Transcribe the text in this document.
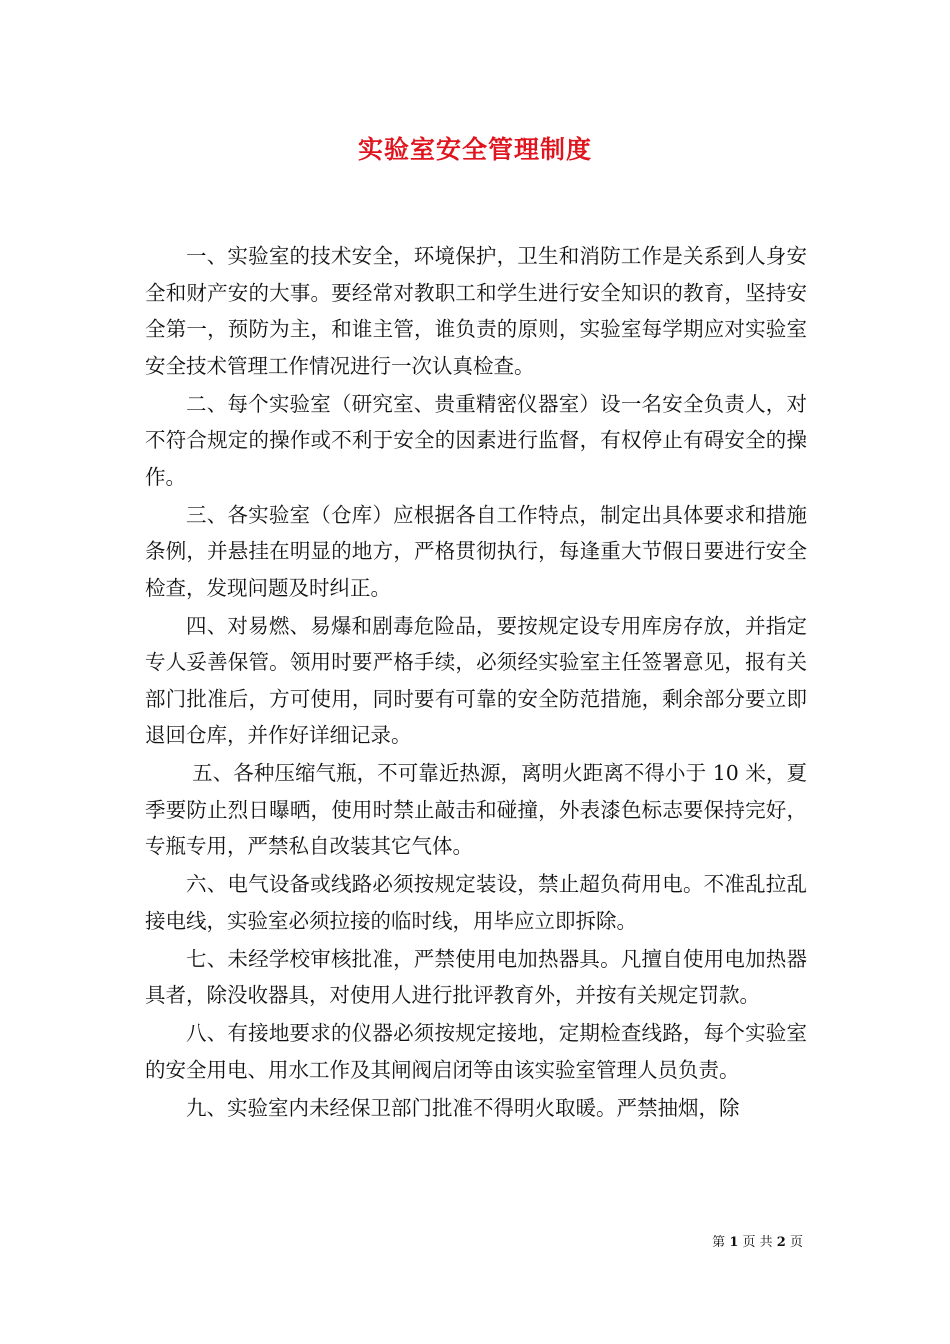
实验室安全管理制度

一、实验室的技术安全，环境保护，卫生和消防工作是关系到人身安全和财产安的大事。要经常对教职工和学生进行安全知识的教育，坚持安全第一，预防为主，和谁主管，谁负责的原则，实验室每学期应对实验室安全技术管理工作情况进行一次认真检查。

二、每个实验室（研究室、贵重精密仪器室）设一名安全负责人，对不符合规定的操作或不利于安全的因素进行监督，有权停止有碍安全的操作。

三、各实验室（仓库）应根据各自工作特点，制定出具体要求和措施条例，并悬挂在明显的地方，严格贯彻执行，每逢重大节假日要进行安全检查，发现问题及时纠正。

四、对易燃、易爆和剧毒危险品，要按规定设专用库房存放，并指定专人妥善保管。领用时要严格手续，必须经实验室主任签署意见，报有关部门批准后，方可使用，同时要有可靠的安全防范措施，剩余部分要立即退回仓库，并作好详细记录。

五、各种压缩气瓶，不可靠近热源，离明火距离不得小于 10 米，夏季要防止烈日曝晒，使用时禁止敲击和碰撞，外表漆色标志要保持完好，专瓶专用，严禁私自改装其它气体。

六、电气设备或线路必须按规定装设，禁止超负荷用电。不准乱拉乱接电线，实验室必须拉接的临时线，用毕应立即拆除。

七、未经学校审核批准，严禁使用电加热器具。凡擅自使用电加热器具者，除没收器具，对使用人进行批评教育外，并按有关规定罚款。

八、有接地要求的仪器必须按规定接地，定期检查线路，每个实验室的安全用电、用水工作及其闸阀启闭等由该实验室管理人员负责。

九、实验室内未经保卫部门批准不得明火取暖。严禁抽烟，除

第 1 页 共 2 页
